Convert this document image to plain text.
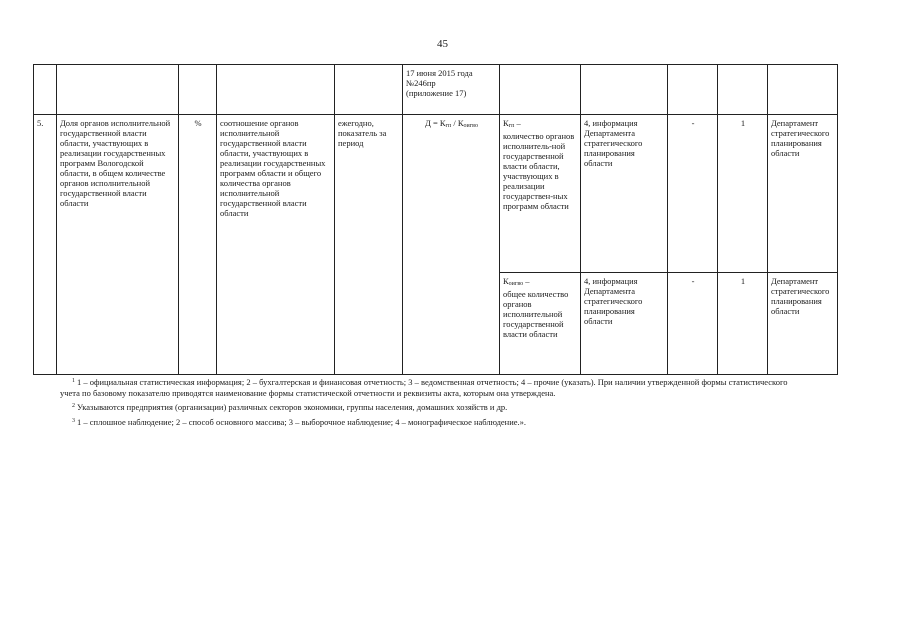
45

					17 июня 2015 года
№246пр
(приложение 17)					

5.	Доля органов исполнительной государственной власти области, участвующих в реализации государственных программ Вологодской области, в общем количестве органов исполнительной государственной власти области	%	соотношение органов исполнительной государственной власти области, участвующих в реализации государственных программ области и общего количества органов исполнительной государственной власти области	ежегодно, показатель за период	$Д = К_{гп} / К_{оигво}$	$К_{гп}$ –
количество органов исполнитель-ной государственной власти области, участвующих в реализации государствен-ных программ области	4, информация Департамента стратегического планирования области	-	1	Департамент стратегического планирования области
						$К_{оигво}$ –
общее количество органов исполнительной государственной власти области	4, информация Департамента стратегического планирования области	-	1	Департамент стратегического планирования области

$^1$ 1 – официальная статистическая информация; 2 – бухгалтерская и финансовая отчетность; 3 – ведомственная отчетность; 4 – прочие (указать). При наличии утвержденной формы статистического учета по базовому показателю приводятся наименование формы статистической отчетности и реквизиты акта, которым она утверждена.

$^2$ Указываются предприятия (организации) различных секторов экономики, группы населения, домашних хозяйств и др.

$^3$ 1 – сплошное наблюдение; 2 – способ основного массива; 3 – выборочное наблюдение; 4 – монографическое наблюдение.».
